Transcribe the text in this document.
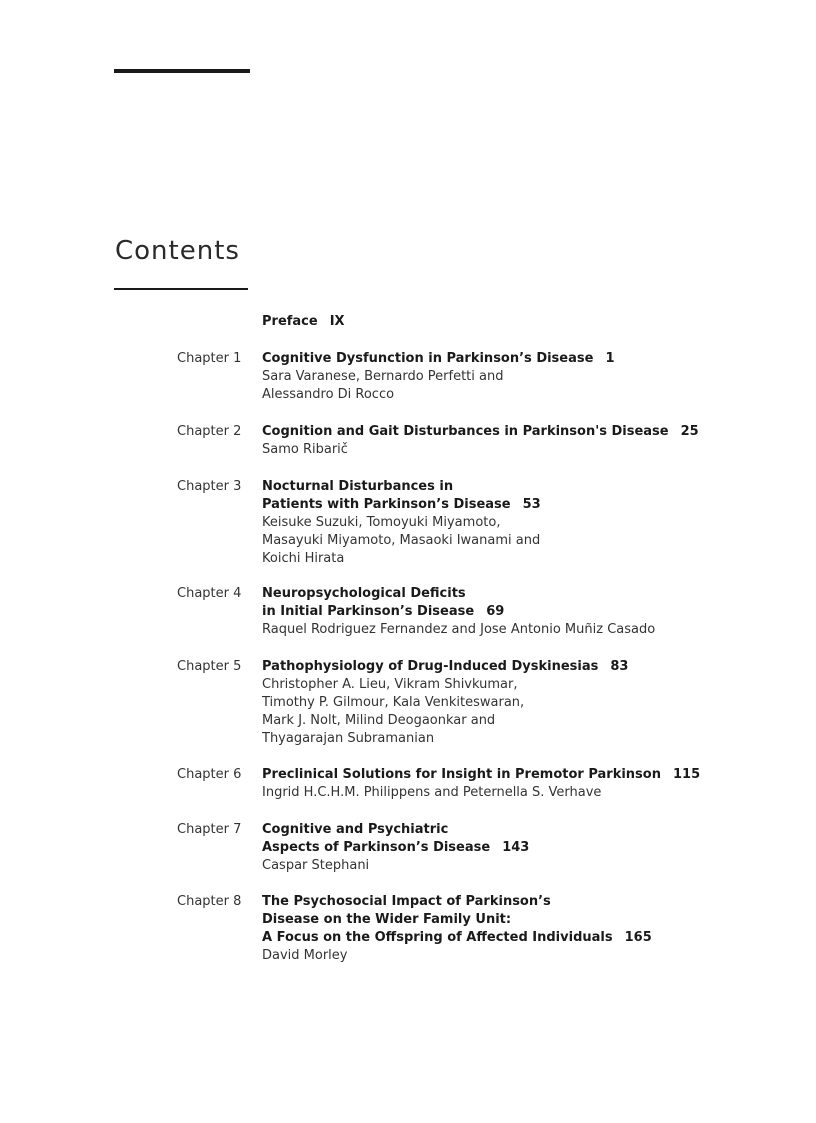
Contents
Preface IX
Chapter 1 Cognitive Dysfunction in Parkinson’s Disease 1
Sara Varanese, Bernardo Perfetti and
Alessandro Di Rocco
Chapter 2 Cognition and Gait Disturbances in Parkinson's Disease 25
Samo Ribarič
Chapter 3 Nocturnal Disturbances in
Patients with Parkinson’s Disease 53
Keisuke Suzuki, Tomoyuki Miyamoto,
Masayuki Miyamoto, Masaoki Iwanami and
Koichi Hirata
Chapter 4 Neuropsychological Deficits
in Initial Parkinson’s Disease 69
Raquel Rodriguez Fernandez and Jose Antonio Muñiz Casado
Chapter 5 Pathophysiology of Drug-Induced Dyskinesias 83
Christopher A. Lieu, Vikram Shivkumar,
Timothy P. Gilmour, Kala Venkiteswaran,
Mark J. Nolt, Milind Deogaonkar and
Thyagarajan Subramanian
Chapter 6 Preclinical Solutions for Insight in Premotor Parkinson 115
Ingrid H.C.H.M. Philippens and Peternella S. Verhave
Chapter 7 Cognitive and Psychiatric
Aspects of Parkinson’s Disease 143
Caspar Stephani
Chapter 8 The Psychosocial Impact of Parkinson’s
Disease on the Wider Family Unit:
A Focus on the Offspring of Affected Individuals 165
David Morley
